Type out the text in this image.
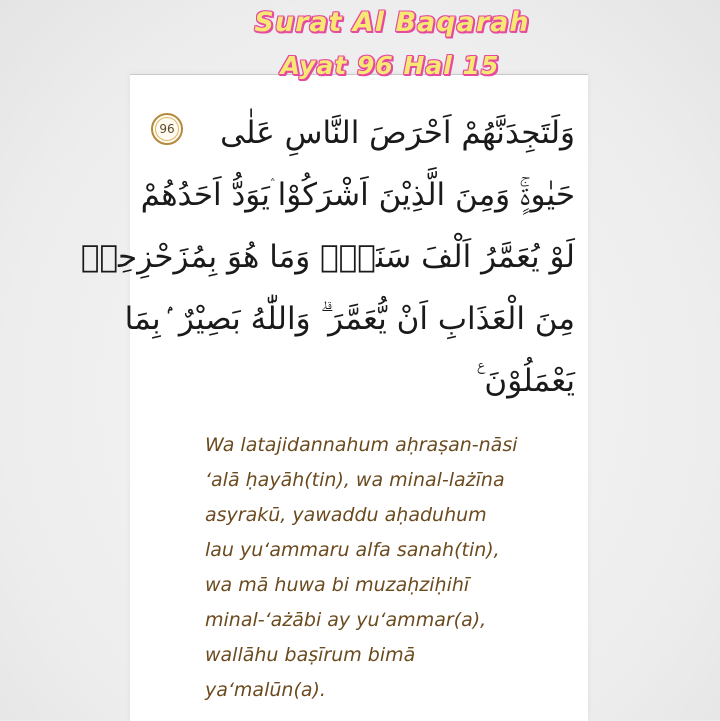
Surat Al Baqarah
Ayat 96 Hal 15
96	وَلَتَجِدَنَّهُمْ اَحْرَصَ النَّاسِ عَلٰى
حَيٰوةٍۚ وَمِنَ الَّذِيْنَ اَشْرَكُوْا ۛيَوَدُّ اَحَدُهُمْ
لَوْ يُعَمَّرُ اَلْفَ سَنَةٍۚ وَمَا هُوَ بِمُزَحْزِحِهٖ
مِنَ الْعَذَابِ اَنْ يُّعَمَّرَ ۗ وَاللّٰهُ بَصِيْرٌ ۢبِمَا
يَعْمَلُوْنَ ࣖ
Wa latajidannahum aḥraṣan-nāsi
‘alā ḥayāh(tin), wa minal-lażīna
asyrakū, yawaddu aḥaduhum
lau yu‘ammaru alfa sanah(tin),
wa mā huwa bi muzaḥziḥihī
minal-‘ażābi ay yu‘ammar(a),
wallāhu baṣīrum bimā
ya‘malūn(a).
